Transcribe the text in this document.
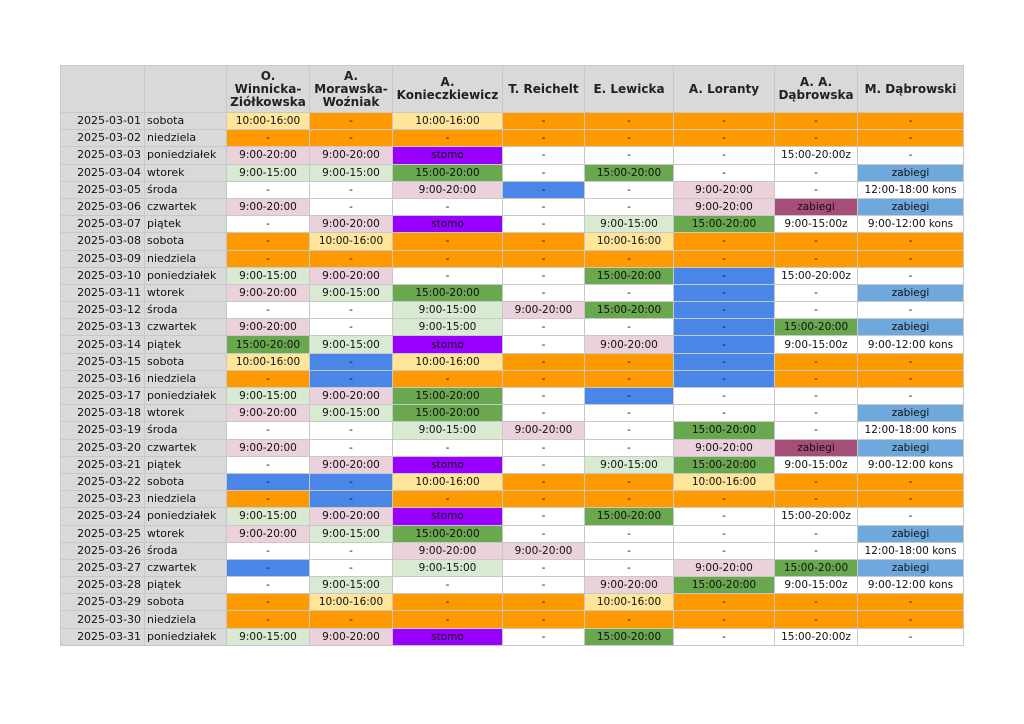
		O. Winnicka-Ziółkowska	A. Morawska-Woźniak	A. Konieczkiewicz	T. Reichelt	E. Lewicka	A. Loranty	A. A. Dąbrowska	M. Dąbrowski
2025-03-01	sobota	10:00-16:00	-	10:00-16:00	-	-	-	-	-
2025-03-02	niedziela	-	-	-	-	-	-	-	-
2025-03-03	poniedziałek	9:00-20:00	9:00-20:00	stomo	-	-	-	15:00-20:00z	-
2025-03-04	wtorek	9:00-15:00	9:00-15:00	15:00-20:00	-	15:00-20:00	-	-	zabiegi
2025-03-05	środa	-	-	9:00-20:00	-	-	9:00-20:00	-	12:00-18:00 kons
2025-03-06	czwartek	9:00-20:00	-	-	-	-	9:00-20:00	zabiegi	zabiegi
2025-03-07	piątek	-	9:00-20:00	stomo	-	9:00-15:00	15:00-20:00	9:00-15:00z	9:00-12:00 kons
2025-03-08	sobota	-	10:00-16:00	-	-	10:00-16:00	-	-	-
2025-03-09	niedziela	-	-	-	-	-	-	-	-
2025-03-10	poniedziałek	9:00-15:00	9:00-20:00	-	-	15:00-20:00	-	15:00-20:00z	-
2025-03-11	wtorek	9:00-20:00	9:00-15:00	15:00-20:00	-	-	-	-	zabiegi
2025-03-12	środa	-	-	9:00-15:00	9:00-20:00	15:00-20:00	-	-	-
2025-03-13	czwartek	9:00-20:00	-	9:00-15:00	-	-	-	15:00-20:00	zabiegi
2025-03-14	piątek	15:00-20:00	9:00-15:00	stomo	-	9:00-20:00	-	9:00-15:00z	9:00-12:00 kons
2025-03-15	sobota	10:00-16:00	-	10:00-16:00	-	-	-	-	-
2025-03-16	niedziela	-	-	-	-	-	-	-	-
2025-03-17	poniedziałek	9:00-15:00	9:00-20:00	15:00-20:00	-	-	-	-	-
2025-03-18	wtorek	9:00-20:00	9:00-15:00	15:00-20:00	-	-	-	-	zabiegi
2025-03-19	środa	-	-	9:00-15:00	9:00-20:00	-	15:00-20:00	-	12:00-18:00 kons
2025-03-20	czwartek	9:00-20:00	-	-	-	-	9:00-20:00	zabiegi	zabiegi
2025-03-21	piątek	-	9:00-20:00	stomo	-	9:00-15:00	15:00-20:00	9:00-15:00z	9:00-12:00 kons
2025-03-22	sobota	-	-	10:00-16:00	-	-	10:00-16:00	-	-
2025-03-23	niedziela	-	-	-	-	-	-	-	-
2025-03-24	poniedziałek	9:00-15:00	9:00-20:00	stomo	-	15:00-20:00	-	15:00-20:00z	-
2025-03-25	wtorek	9:00-20:00	9:00-15:00	15:00-20:00	-	-	-	-	zabiegi
2025-03-26	środa	-	-	9:00-20:00	9:00-20:00	-	-	-	12:00-18:00 kons
2025-03-27	czwartek	-	-	9:00-15:00	-	-	9:00-20:00	15:00-20:00	zabiegi
2025-03-28	piątek	-	9:00-15:00	-	-	9:00-20:00	15:00-20:00	9:00-15:00z	9:00-12:00 kons
2025-03-29	sobota	-	10:00-16:00	-	-	10:00-16:00	-	-	-
2025-03-30	niedziela	-	-	-	-	-	-	-	-
2025-03-31	poniedziałek	9:00-15:00	9:00-20:00	stomo	-	15:00-20:00	-	15:00-20:00z	-
